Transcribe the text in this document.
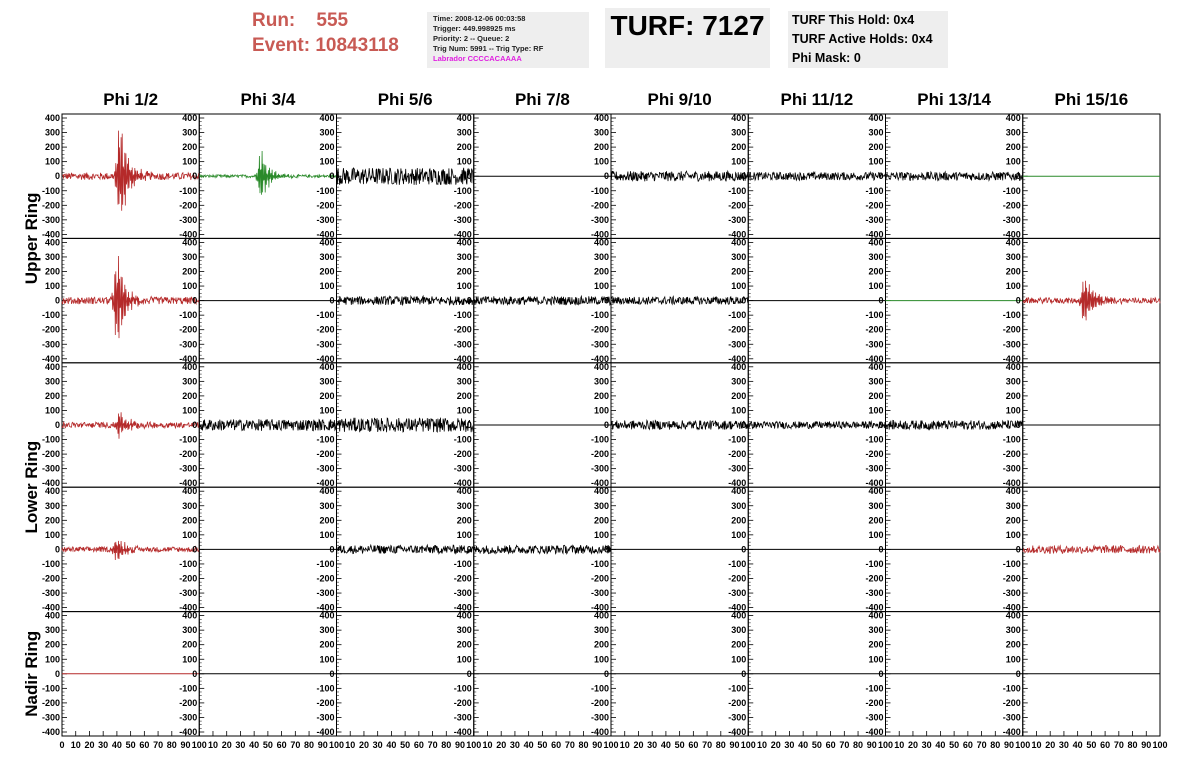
Run: 555
Event: 10843118
Time: 2008-12-06 00:03:58
Trigger: 449.998925 ms
Priority: 2 -- Queue: 2
Trig Num: 5991 -- Trig Type: RF
Labrador CCCCACAAAA
TURF: 7127	TURF This Hold: 0x4
TURF Active Holds: 0x4
Phi Mask: 0
Phi 1/2	Phi 3/4	Phi 5/6	Phi 7/8	Phi 9/10	Phi 11/12	Phi 13/14	Phi 15/16
Upper Ring
Lower Ring
Nadir Ring
-400
-300
-200
-100
0
100
200
300
400
-400
-300
-200
-100
0
100
200
300
400
-400
-300
-200
-100
0
100
200
300
400
-400
-300
-200
-100
0
100
200
300
400
-400
-300
-200
-100
0
100
200
300
400
-400
-300
-200
-100
0
100
200
300
400
-400
-300
-200
-100
0
100
200
300
400
-400
-300
-200
-100
0
100
200
300
400
-400
-300
-200
-100
0
100
200
300
400
-400
-300
-200
-100
0
100
200
300
400
-400
-300
-200
-100
0
100
200
300
400
-400
-300
-200
-100
0
100
200
300
400
-400
-300
-200
-100
0
100
200
300
400
-400
-300
-200
-100
0
100
200
300
400
-400
-300
-200
-100
0
100
200
300
400
-400
-300
-200
-100
0
100
200
300
400
-400
-300
-200
-100
0
100
200
300
400
-400
-300
-200
-100
0
100
200
300
400
-400
-300
-200
-100
0
100
200
300
400
-400
-300
-200
-100
0
100
200
300
400
-400
-300
-200
-100
0
100
200
300
400
-400
-300
-200
-100
0
100
200
300
400
-400
-300
-200
-100
0
100
200
300
400
-400
-300
-200
-100
0
100
200
300
400
-400
-300
-200
-100
0
100
200
300
400
-400
-300
-200
-100
0
100
200
300
400
-400
-300
-200
-100
0
100
200
300
400
-400
-300
-200
-100
0
100
200
300
400
-400
-300
-200
-100
0
100
200
300
400
-400
-300
-200
-100
0
100
200
300
400
-400
-300
-200
-100
0
100
200
300
400
-400
-300
-200
-100
0
100
200
300
400
-400
-300
-200
-100
0
100
200
300
400
-400
-300
-200
-100
0
100
200
300
400
-400
-300
-200
-100
0
100
200
300
400
-400
-300
-200
-100
0
100
200
300
400
-400
-300
-200
-100
0
100
200
300
400
-400
-300
-200
-100
0
100
200
300
400
-400
-300
-200
-100
0
100
200
300
400
-400
-300
-200
-100
0
100
200
300
400
0 10 20 30 40 50 60 70 80 90 100 10 20 30 40 50 60 70 80 90 100 10 20 30 40 50 60 70 80 90 100 10 20 30 40 50 60 70 80 90 100 10 20 30 40 50 60 70 80 90 100 10 20 30 40 50 60 70 80 90 100 10 20 30 40 50 60 70 80 90 100 10 20 30 40 50 60 70 80 90 100
